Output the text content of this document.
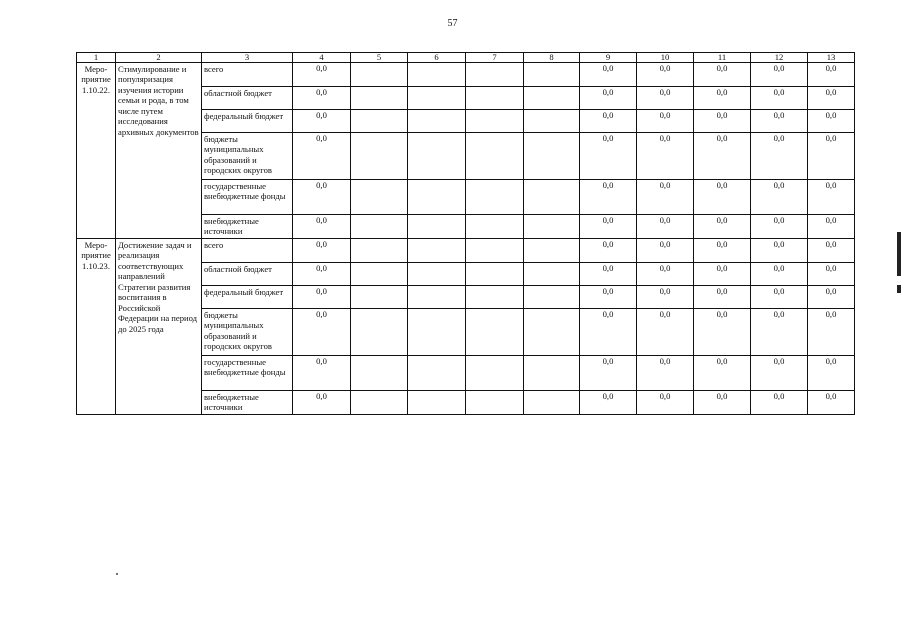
57
1	2	3	4	5	6	7	8	9	10	11	12	13

Меро-
приятие
1.10.22.	Стимулирование и популяризация изучения истории семьи и рода, в том числе путем исследования архивных документов	всего	0,0					0,0	0,0	0,0	0,0	0,0
		областной бюджет	0,0					0,0	0,0	0,0	0,0	0,0
		федеральный бюджет	0,0					0,0	0,0	0,0	0,0	0,0
		бюджеты муниципальных образований и городских округов	0,0					0,0	0,0	0,0	0,0	0,0
		государственные внебюджетные фонды	0,0					0,0	0,0	0,0	0,0	0,0
		внебюджетные источники	0,0					0,0	0,0	0,0	0,0	0,0

Меро-
приятие
1.10.23.	Достижение задач и реализация соответствующих направлений Стратегии развития воспитания в Российской Федерации на период до 2025 года	всего	0,0					0,0	0,0	0,0	0,0	0,0
		областной бюджет	0,0					0,0	0,0	0,0	0,0	0,0
		федеральный бюджет	0,0					0,0	0,0	0,0	0,0	0,0
		бюджеты муниципальных образований и городских округов	0,0					0,0	0,0	0,0	0,0	0,0
		государственные внебюджетные фонды	0,0					0,0	0,0	0,0	0,0	0,0
		внебюджетные источники	0,0					0,0	0,0	0,0	0,0	0,0
